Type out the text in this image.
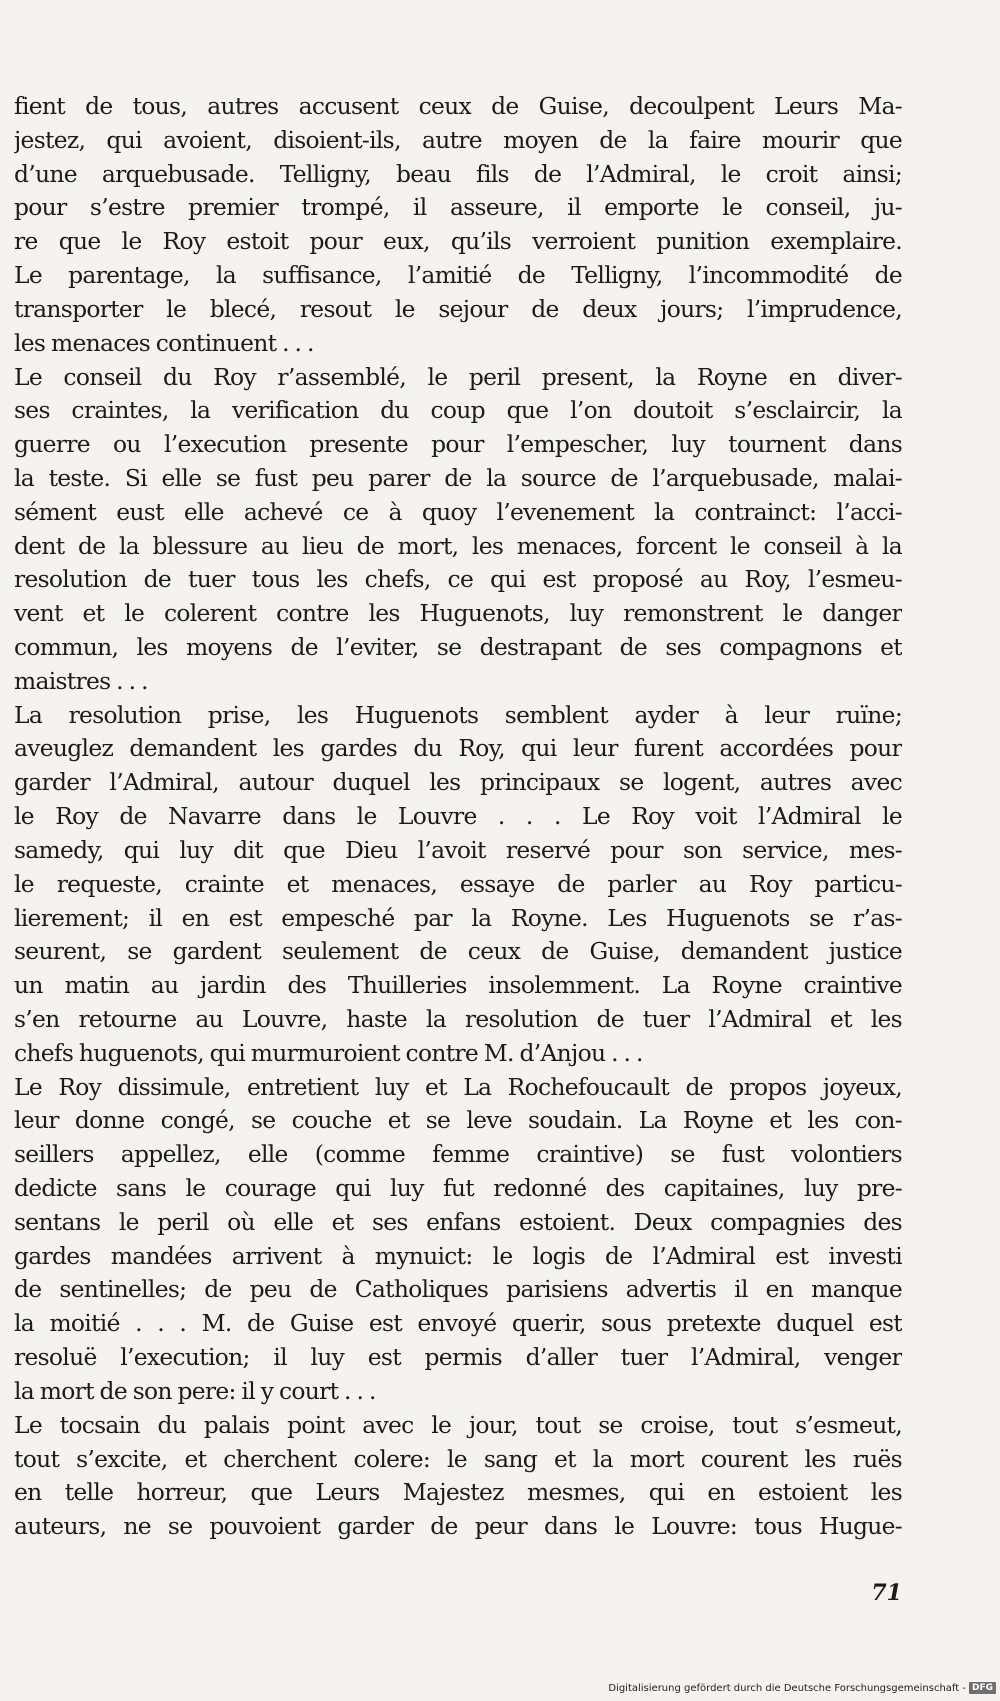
fient de tous, autres accusent ceux de Guise, decoulpent Leurs Ma-
jestez, qui avoient, disoient-ils, autre moyen de la faire mourir que
d’une arquebusade. Telligny, beau fils de l’Admiral, le croit ainsi;
pour s’estre premier trompé, il asseure, il emporte le conseil, ju-
re que le Roy estoit pour eux, qu’ils verroient punition exemplaire.
Le parentage, la suffisance, l’amitié de Telligny, l’incommodité de
transporter le blecé, resout le sejour de deux jours; l’imprudence,
les menaces continuent . . .
Le conseil du Roy r’assemblé, le peril present, la Royne en diver-
ses craintes, la verification du coup que l’on doutoit s’esclaircir, la
guerre ou l’execution presente pour l’empescher, luy tournent dans
la teste. Si elle se fust peu parer de la source de l’arquebusade, malai-
sément eust elle achevé ce à quoy l’evenement la contrainct: l’acci-
dent de la blessure au lieu de mort, les menaces, forcent le conseil à la
resolution de tuer tous les chefs, ce qui est proposé au Roy, l’esmeu-
vent et le colerent contre les Huguenots, luy remonstrent le danger
commun, les moyens de l’eviter, se destrapant de ses compagnons et
maistres . . .
La resolution prise, les Huguenots semblent ayder à leur ruïne;
aveuglez demandent les gardes du Roy, qui leur furent accordées pour
garder l’Admiral, autour duquel les principaux se logent, autres avec
le Roy de Navarre dans le Louvre . . . Le Roy voit l’Admiral le
samedy, qui luy dit que Dieu l’avoit reservé pour son service, mes-
le requeste, crainte et menaces, essaye de parler au Roy particu-
lierement; il en est empesché par la Royne. Les Huguenots se r’as-
seurent, se gardent seulement de ceux de Guise, demandent justice
un matin au jardin des Thuilleries insolemment. La Royne craintive
s’en retourne au Louvre, haste la resolution de tuer l’Admiral et les
chefs huguenots, qui murmuroient contre M. d’Anjou . . .
Le Roy dissimule, entretient luy et La Rochefoucault de propos joyeux,
leur donne congé, se couche et se leve soudain. La Royne et les con-
seillers appellez, elle (comme femme craintive) se fust volontiers
dedicte sans le courage qui luy fut redonné des capitaines, luy pre-
sentans le peril où elle et ses enfans estoient. Deux compagnies des
gardes mandées arrivent à mynuict: le logis de l’Admiral est investi
de sentinelles; de peu de Catholiques parisiens advertis il en manque
la moitié . . . M. de Guise est envoyé querir, sous pretexte duquel est
resoluë l’execution; il luy est permis d’aller tuer l’Admiral, venger
la mort de son pere: il y court . . .
Le tocsain du palais point avec le jour, tout se croise, tout s’esmeut,
tout s’excite, et cherchent colere: le sang et la mort courent les ruës
en telle horreur, que Leurs Majestez mesmes, qui en estoient les
auteurs, ne se pouvoient garder de peur dans le Louvre: tous Hugue-
71
Digitalisierung gefördert durch die Deutsche Forschungsgemeinschaft - DFG
